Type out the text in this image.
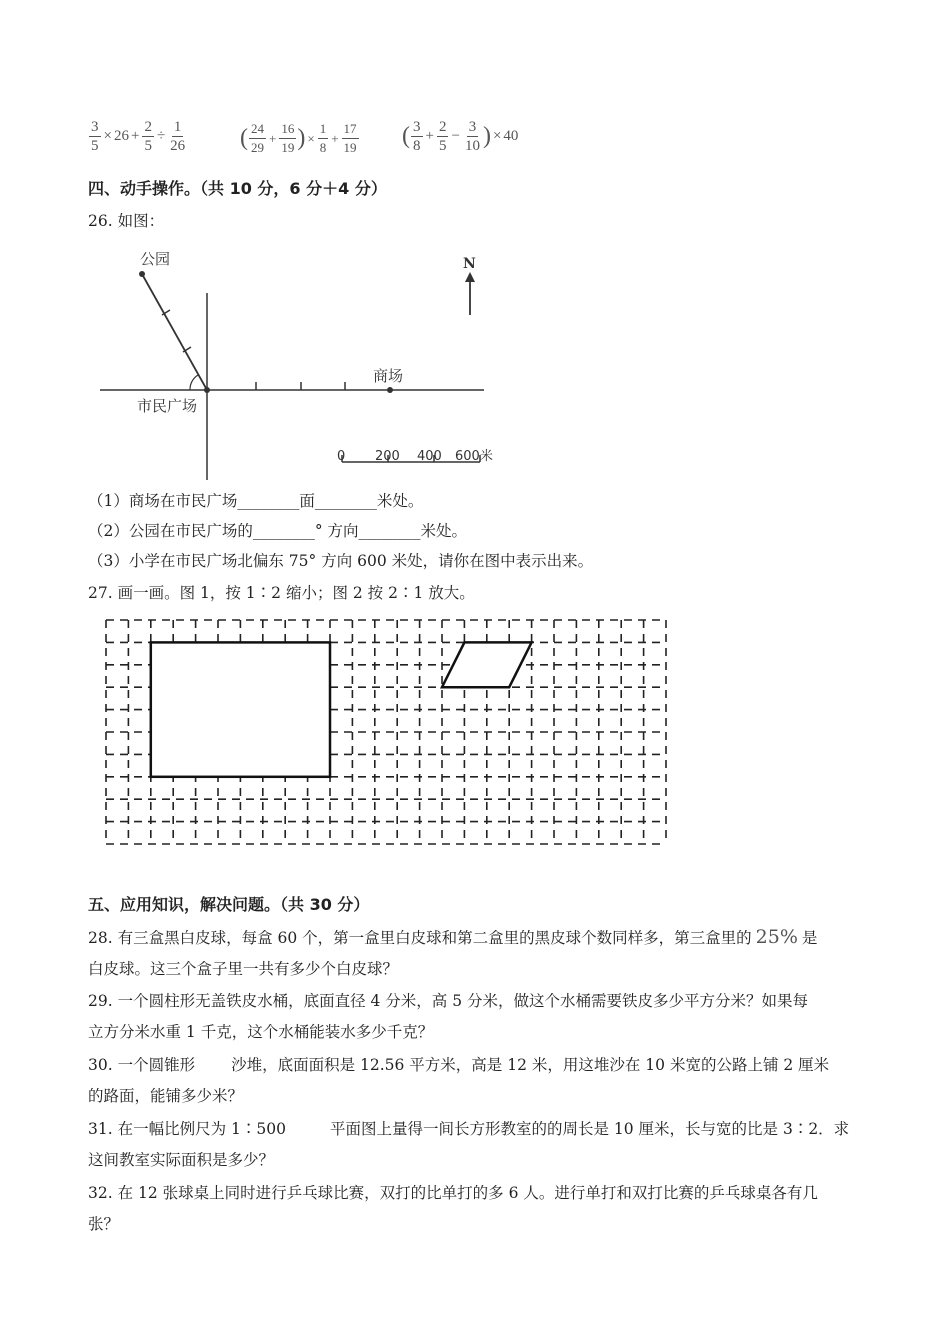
$\frac{3}{5} \times 26 + \frac{2}{5} \div \frac{1}{26}$ ( $\frac{24}{29} + \frac{16}{19}$ ) × $\frac{1}{8} + \frac{17}{19}$ ( $\frac{3}{8} + \frac{2}{5} - \frac{3}{10}$ ) × 40
四、动手操作。（共 10 分，6 分＋4 分）
26. 如图：
公园	N
商场
市民广场
0 200 400 600米
（1）商场在市民广场________面________米处。
（2）公园在市民广场的________° 方向________米处。
（3）小学在市民广场北偏东 75° 方向 600 米处，请你在图中表示出来。
27. 画一画。图 1，按 1∶2 缩小；图 2 按 2∶1 放大。
五、应用知识，解决问题。（共 30 分）
28. 有三盒黑白皮球，每盒 60 个，第一盒里白皮球和第二盒里的黑皮球个数同样多，第三盒里的 25% 是
白皮球。这三个盒子里一共有多少个白皮球？
29. 一个圆柱形无盖铁皮水桶，底面直径 4 分米，高 5 分米，做这个水桶需要铁皮多少平方分米？如果每
立方分米水重 1 千克，这个水桶能装水多少千克？
30. 一个圆锥形 沙堆，底面面积是 12.56 平方米，高是 12 米，用这堆沙在 10 米宽的公路上铺 2 厘米
的路面，能铺多少米？
31. 在一幅比例尺为 1∶500	平面图上量得一间长方形教室的的周长是 10 厘米，长与宽的比是 3∶2．求
这间教室实际面积是多少？
32. 在 12 张球桌上同时进行乒乓球比赛，双打的比单打的多 6 人。进行单打和双打比赛的乒乓球桌各有几
张？
